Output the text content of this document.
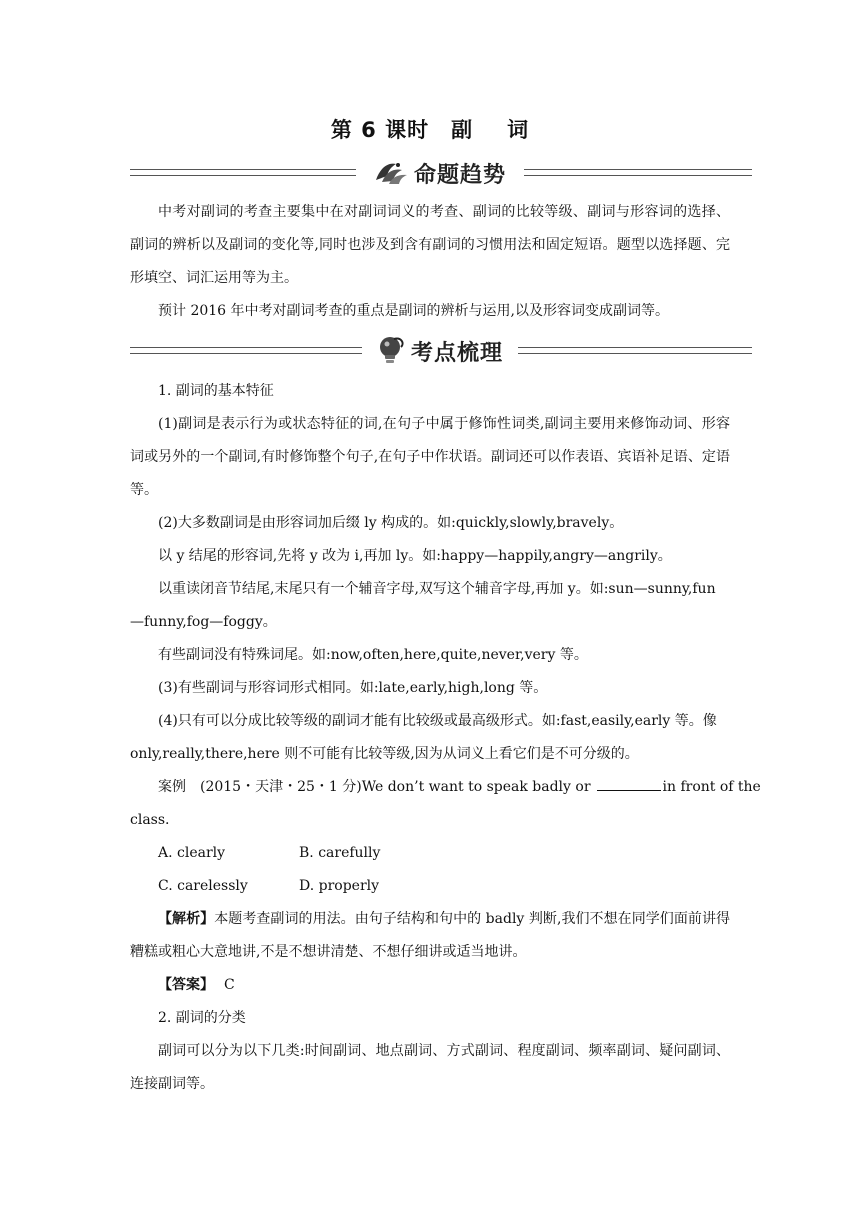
第 6 课时 副 词
命题趋势

中考对副词的考查主要集中在对副词词义的考查、副词的比较等级、副词与形容词的选择、副词的辨析以及副词的变化等,同时也涉及到含有副词的习惯用法和固定短语。题型以选择题、完形填空、词汇运用等为主。

预计 2016 年中考对副词考查的重点是副词的辨析与运用,以及形容词变成副词等。

考点梳理

1. 副词的基本特征

(1)副词是表示行为或状态特征的词,在句子中属于修饰性词类,副词主要用来修饰动词、形容词或另外的一个副词,有时修饰整个句子,在句子中作状语。副词还可以作表语、宾语补足语、定语等。

(2)大多数副词是由形容词加后缀 ly 构成的。如:quickly,slowly,bravely。

以 y 结尾的形容词,先将 y 改为 i,再加 ly。如:happy—happily,angry—angrily。

以重读闭音节结尾,末尾只有一个辅音字母,双写这个辅音字母,再加 y。如:sun—sunny,fun

—funny,fog—foggy。

有些副词没有特殊词尾。如:now,often,here,quite,never,very 等。

(3)有些副词与形容词形式相同。如:late,early,high,long 等。

(4)只有可以分成比较等级的副词才能有比较级或最高级形式。如:fast,easily,early 等。像

only,really,there,here 则不可能有比较等级,因为从词义上看它们是不可分级的。

案例 (2015・天津・25・1 分)We don’t want to speak badly or	in front of the

class.

A. clearly	B. carefully
C. carelessly	D. properly

【解析】本题考查副词的用法。由句子结构和句中的 badly 判断,我们不想在同学们面前讲得糟糕或粗心大意地讲,不是不想讲清楚、不想仔细讲或适当地讲。

【答案】 C

2. 副词的分类

副词可以分为以下几类:时间副词、地点副词、方式副词、程度副词、频率副词、疑问副词、连接副词等。
